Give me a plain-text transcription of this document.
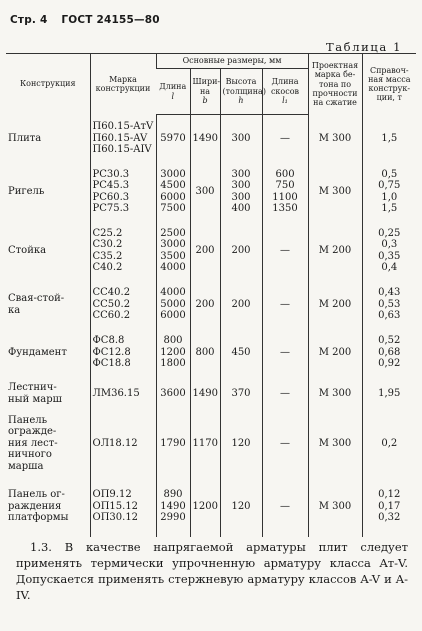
Стр. 4 ГОСТ 24155—80
Таблица 1
Конструкция	Марка конструкции	Основные размеры, мм				Проектная
марка бе-
тона по
прочности
на сжатие	Справоч-
ная масса
конструк-
ции, т

		Длина
l	Шири-
на
b	Высота
(толщина)
h	Длина
скосов
l₁		

Плита	П60.15-AтV
П60.15-AV
П60.15-AIV	5970	1490	300	—	М 300	1,5

Ригель	РС30.3
РС45.3
РС60.3
РС75.3	3000
4500
6000
7500	300	300
300
300
400	600
750
1100
1350	М 300	0,5
0,75
1,0
1,5

Стойка	С25.2
С30.2
С35.2
С40.2	2500
3000
3500
4000	200	200	—	М 200	0,25
0,3
0,35
0,4

Свая-стой-
ка	СС40.2
СС50.2
СС60.2	4000
5000
6000	200	200	—	М 200	0,43
0,53
0,63

Фундамент	ФС8.8
ФС12.8
ФС18.8	800
1200
1800	800	450	—	М 200	0,52
0,68
0,92

Лестнич-
ный марш	ЛМ36.15	3600	1490	370	—	М 300	1,95

Панель
огражде-
ния лест-
ничного
марша	ОЛ18.12	1790	1170	120	—	М 300	0,2

Панель ог-
раждения
платформы	ОП9.12
ОП15.12
ОП30.12	890
1490
2990	1200	120	—	М 300	0,12
0,17
0,32
1.3. В качестве напрягаемой арматуры плит следует применять термически упрочненную арматуру класса Aт-V. Допускается применять стержневую арматуру классов A-V и A-IV.
